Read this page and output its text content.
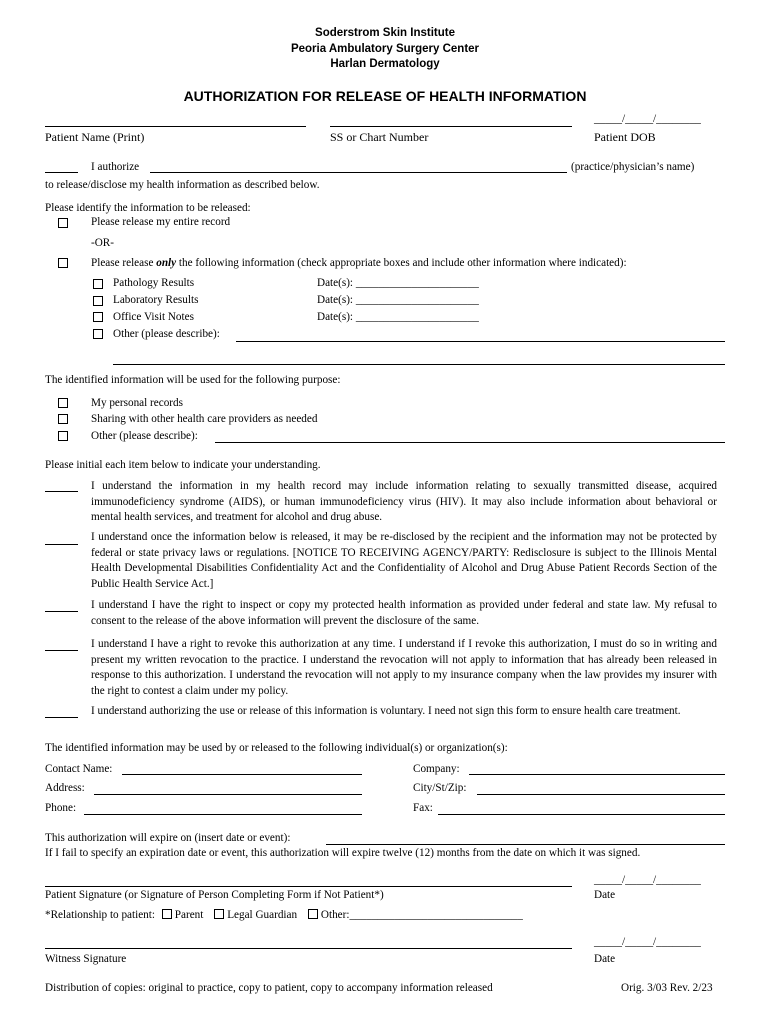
Soderstrom Skin Institute
Peoria Ambulatory Surgery Center
Harlan Dermatology
AUTHORIZATION FOR RELEASE OF HEALTH INFORMATION
_____/_____/________
Patient Name (Print)	SS or Chart Number	Patient DOB
I authorize	(practice/physician’s name)
to release/disclose my health information as described below.
Please identify the information to be released:
Please release my entire record
-OR-
Please release only the following information (check appropriate boxes and include other information where indicated):
Pathology Results	Date(s): ______________________
Laboratory Results	Date(s): ______________________
Office Visit Notes	Date(s): ______________________
Other (please describe):
The identified information will be used for the following purpose:
My personal records
Sharing with other health care providers as needed
Other (please describe):
Please initial each item below to indicate your understanding.
I understand the information in my health record may include information relating to sexually transmitted disease, acquired immunodeficiency syndrome (AIDS), or human immunodeficiency virus (HIV). It may also include information about behavioral or mental health services, and treatment for alcohol and drug abuse.
I understand once the information below is released, it may be re-disclosed by the recipient and the information may not be protected by federal or state privacy laws or regulations. [NOTICE TO RECEIVING AGENCY/PARTY: Redisclosure is subject to the Illinois Mental Health Developmental Disabilities Confidentiality Act and the Confidentiality of Alcohol and Drug Abuse Patient Records Section of the Public Health Service Act.]
I understand I have the right to inspect or copy my protected health information as provided under federal and state law. My refusal to consent to the release of the above information will prevent the disclosure of the same.
I understand I have a right to revoke this authorization at any time. I understand if I revoke this authorization, I must do so in writing and present my written revocation to the practice. I understand the revocation will not apply to information that has already been released in response to this authorization. I understand the revocation will not apply to my insurance company when the law provides my insurer with the right to contest a claim under my policy.
I understand authorizing the use or release of this information is voluntary. I need not sign this form to ensure health care treatment.
The identified information may be used by or released to the following individual(s) or organization(s):
Contact Name:	Company:
Address:	City/St/Zip:
Phone:	Fax:
This authorization will expire on (insert date or event):
If I fail to specify an expiration date or event, this authorization will expire twelve (12) months from the date on which it was signed.
_____/_____/________
Patient Signature (or Signature of Person Completing Form if Not Patient*)	Date
*Relationship to patient: Parent Legal Guardian Other:_______________________________
_____/_____/________
Witness Signature	Date
Distribution of copies: original to practice, copy to patient, copy to accompany information released	Orig. 3/03 Rev. 2/23
